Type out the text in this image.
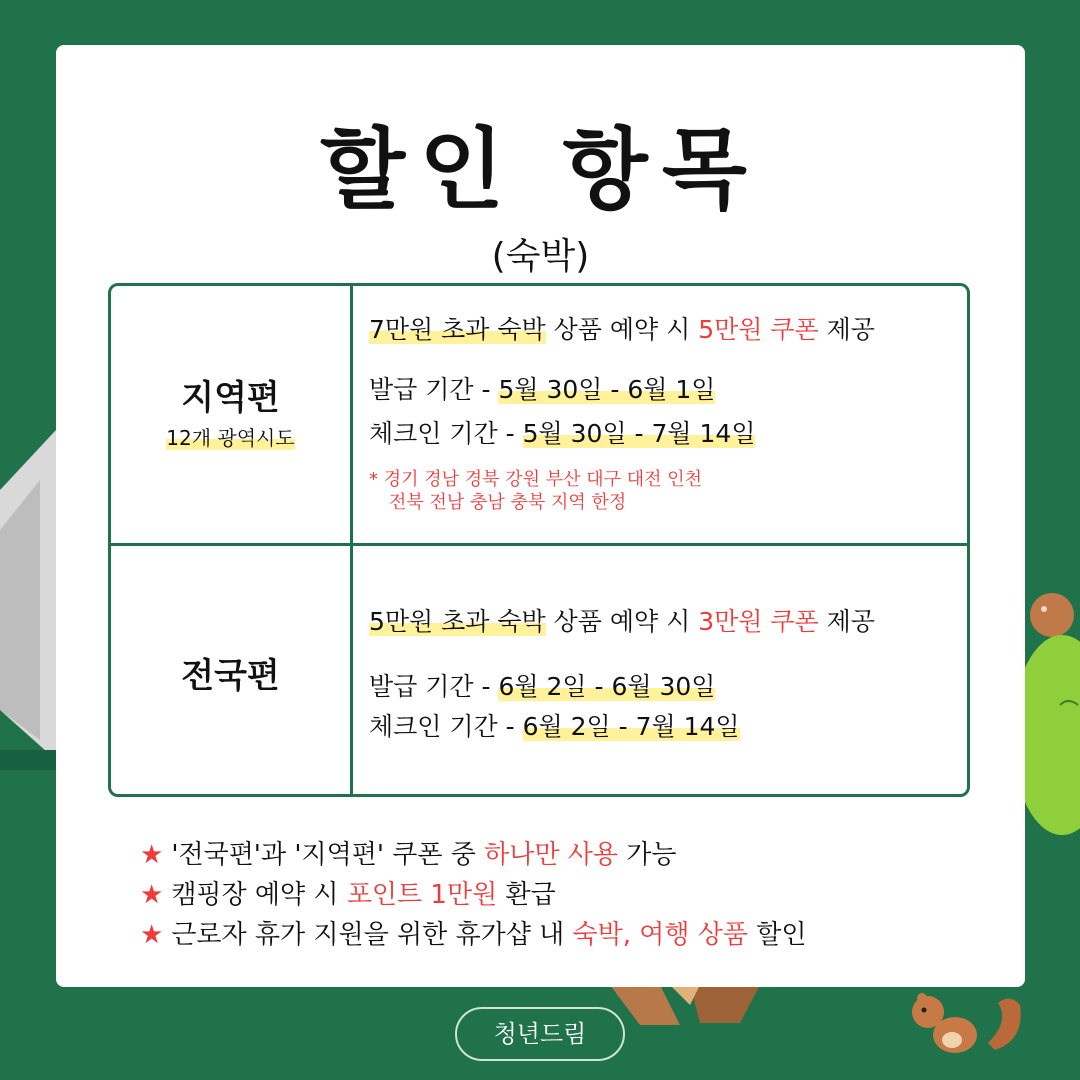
할인 항목
(숙박)
지역편
12개 광역시도
7만원 초과 숙박 상품 예약 시 5만원 쿠폰 제공
발급 기간 - 5월 30일 - 6월 1일
체크인 기간 - 5월 30일 - 7월 14일
* 경기 경남 경북 강원 부산 대구 대전 인천
전북 전남 충남 충북 지역 한정
전국편
5만원 초과 숙박 상품 예약 시 3만원 쿠폰 제공
발급 기간 - 6월 2일 - 6월 30일
체크인 기간 - 6월 2일 - 7월 14일
★ '전국편'과 '지역편' 쿠폰 중 하나만 사용 가능
★ 캠핑장 예약 시 포인트 1만원 환급
★ 근로자 휴가 지원을 위한 휴가샵 내 숙박, 여행 상품 할인
청년드림
